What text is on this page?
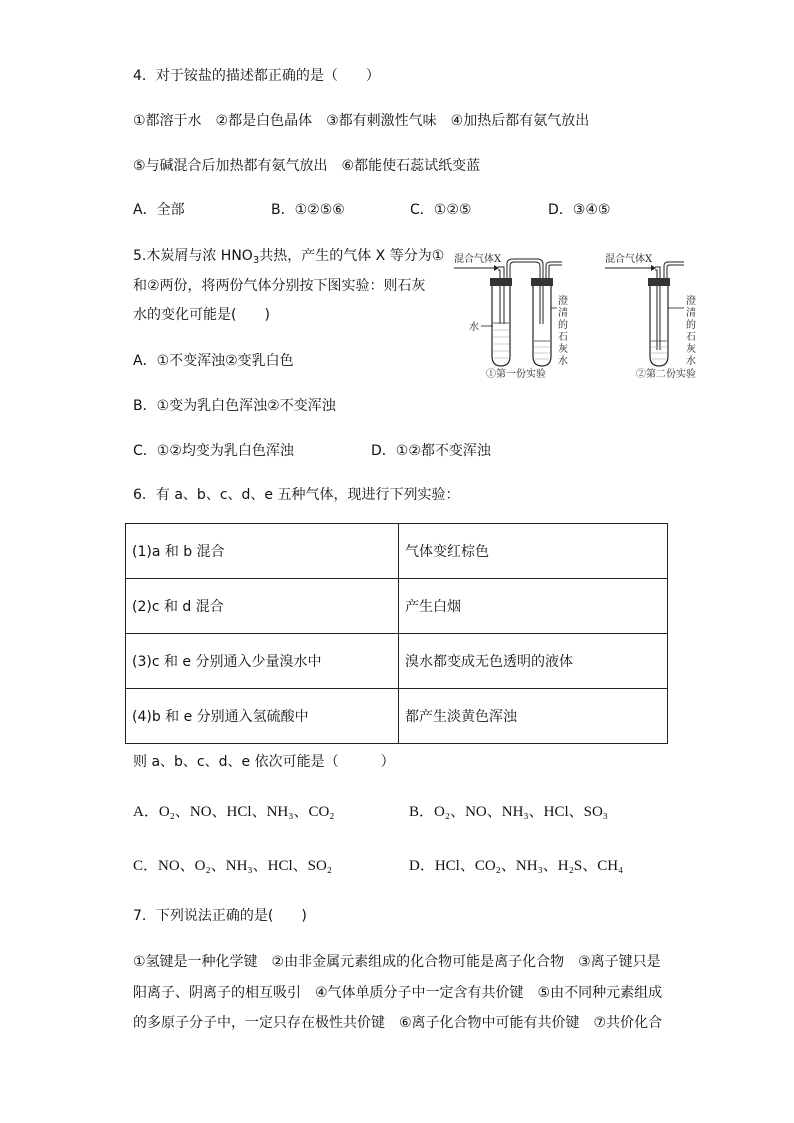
4．对于铵盐的描述都正确的是（　　）
①都溶于水　②都是白色晶体　③都有刺激性气味　④加热后都有氨气放出
⑤与碱混合后加热都有氨气放出　⑥都能使石蕊试纸变蓝
A．全部	B．①②⑤⑥	C．①②⑤	D．③④⑤
5.木炭屑与浓 $HNO_3$共热，产生的气体 X 等分为①
和②两份，将两份气体分别按下图实验：则石灰
水的变化可能是(　　)
A．①不变浑浊②变乳白色
B．①变为乳白色浑浊②不变浑浊
C．①②均变为乳白色浑浊	D．①②都不变浑浊
混合气体X
水
澄
清
的
石
灰
水
①第一份实验
混合气体X
澄
清
的
石
灰
水
②第二份实验
6．有 a、b、c、d、e 五种气体，现进行下列实验：
(1)a 和 b 混合	气体变红棕色
(2)c 和 d 混合	产生白烟
(3)c 和 e 分别通入少量溴水中	溴水都变成无色透明的液体
(4)b 和 e 分别通入氢硫酸中	都产生淡黄色浑浊
则 a、b、c、d、e 依次可能是（　　　）
A．O₂、NO、HCl、NH₃、CO₂	B．O₂、NO、NH₃、HCl、SO₃
C．NO、O₂、NH₃、HCl、SO₂	D．HCl、CO₂、NH₃、H₂S、CH₄
7．下列说法正确的是(　　)
①氢键是一种化学键　②由非金属元素组成的化合物可能是离子化合物　③离子键只是
阳离子、阴离子的相互吸引　④气体单质分子中一定含有共价键　⑤由不同种元素组成
的多原子分子中，一定只存在极性共价键　⑥离子化合物中可能有共价键　⑦共价化合
